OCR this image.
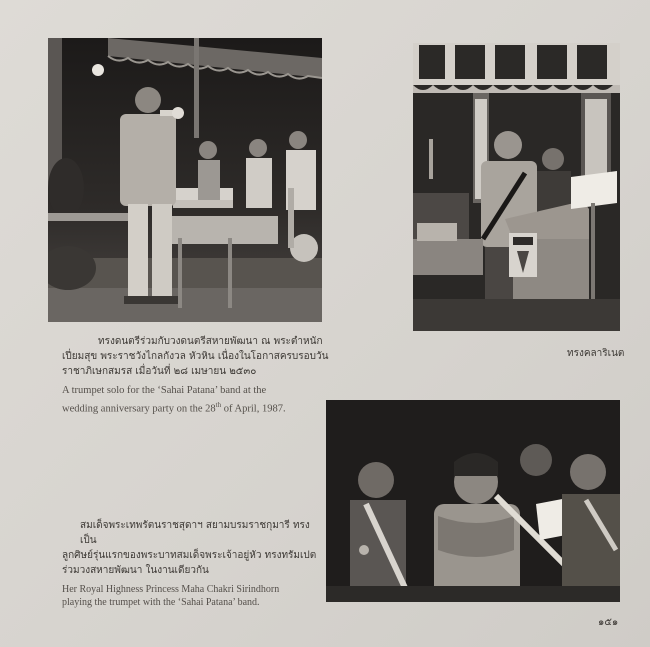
ทรงดนตรีร่วมกับวงดนตรีสหายพัฒนา ณ พระตำหนัก
เปี่ยมสุข พระราชวังไกลกังวล หัวหิน เนื่องในโอกาสครบรอบวัน
ราชาภิเษกสมรส เมื่อวันที่ ๒๘ เมษายน ๒๕๓๐
A trumpet solo for the ‘Sahai Patana’ band at the
wedding anniversary party on the 28th of April, 1987.
ทรงคลาริเนต
สมเด็จพระเทพรัตนราชสุดาฯ สยามบรมราชกุมารี ทรงเป็น
ลูกศิษย์รุ่นแรกของพระบาทสมเด็จพระเจ้าอยู่หัว ทรงทรัมเปต
ร่วมวงสหายพัฒนา ในงานเดียวกัน
Her Royal Highness Princess Maha Chakri Sirindhorn
playing the trumpet with the ‘Sahai Patana’ band.
๑๕๑
